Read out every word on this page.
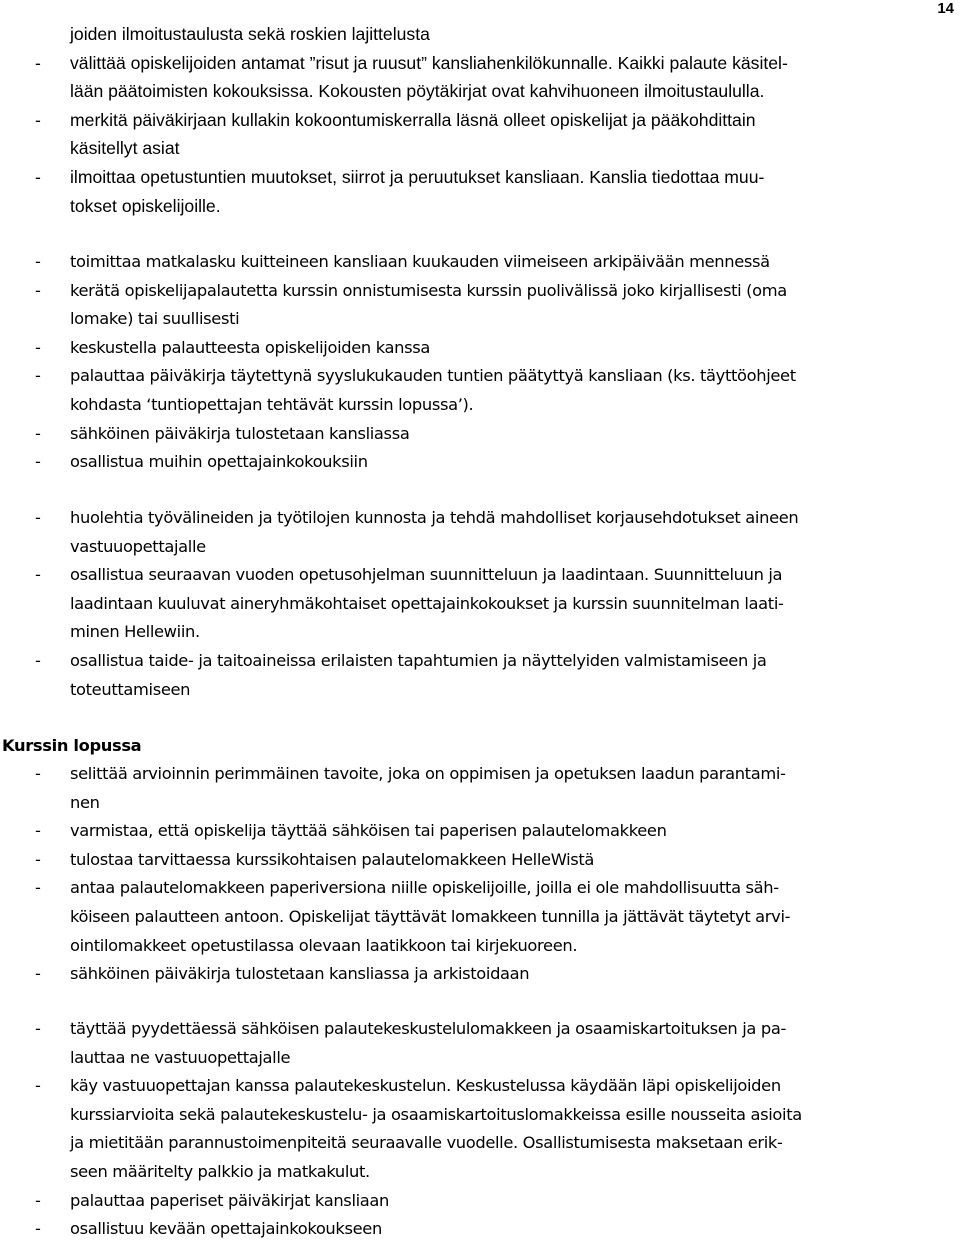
14
joiden ilmoitustaulusta sekä roskien lajittelusta
- välittää opiskelijoiden antamat ”risut ja ruusut” kansliahenkilökunnalle. Kaikki palaute käsitel-
lään päätoimisten kokouksissa. Kokousten pöytäkirjat ovat kahvihuoneen ilmoitustaululla.
- merkitä päiväkirjaan kullakin kokoontumiskerralla läsnä olleet opiskelijat ja pääkohdittain
käsitellyt asiat
- ilmoittaa opetustuntien muutokset, siirrot ja peruutukset kansliaan. Kanslia tiedottaa muu-
tokset opiskelijoille.
- toimittaa matkalasku kuitteineen kansliaan kuukauden viimeiseen arkipäivään mennessä
- kerätä opiskelijapalautetta kurssin onnistumisesta kurssin puolivälissä joko kirjallisesti (oma
lomake) tai suullisesti
- keskustella palautteesta opiskelijoiden kanssa
- palauttaa päiväkirja täytettynä syyslukukauden tuntien päätyttyä kansliaan (ks. täyttöohjeet
kohdasta ‘tuntiopettajan tehtävät kurssin lopussa’).
- sähköinen päiväkirja tulostetaan kansliassa
- osallistua muihin opettajainkokouksiin
- huolehtia työvälineiden ja työtilojen kunnosta ja tehdä mahdolliset korjausehdotukset aineen
vastuuopettajalle
- osallistua seuraavan vuoden opetusohjelman suunnitteluun ja laadintaan. Suunnitteluun ja
laadintaan kuuluvat aineryhmäkohtaiset opettajainkokoukset ja kurssin suunnitelman laati-
minen Hellewiin.
- osallistua taide- ja taitoaineissa erilaisten tapahtumien ja näyttelyiden valmistamiseen ja
toteuttamiseen
Kurssin lopussa
- selittää arvioinnin perimmäinen tavoite, joka on oppimisen ja opetuksen laadun parantami-
nen
- varmistaa, että opiskelija täyttää sähköisen tai paperisen palautelomakkeen
- tulostaa tarvittaessa kurssikohtaisen palautelomakkeen HelleWistä
- antaa palautelomakkeen paperiversiona niille opiskelijoille, joilla ei ole mahdollisuutta säh-
köiseen palautteen antoon. Opiskelijat täyttävät lomakkeen tunnilla ja jättävät täytetyt arvi-
ointilomakkeet opetustilassa olevaan laatikkoon tai kirjekuoreen.
- sähköinen päiväkirja tulostetaan kansliassa ja arkistoidaan
- täyttää pyydettäessä sähköisen palautekeskustelulomakkeen ja osaamiskartoituksen ja pa-
lauttaa ne vastuuopettajalle
- käy vastuuopettajan kanssa palautekeskustelun. Keskustelussa käydään läpi opiskelijoiden
kurssiarvioita sekä palautekeskustelu- ja osaamiskartoituslomakkeissa esille nousseita asioita
ja mietitään parannustoimenpiteitä seuraavalle vuodelle. Osallistumisesta maksetaan erik-
seen määritelty palkkio ja matkakulut.
- palauttaa paperiset päiväkirjat kansliaan
- osallistuu kevään opettajainkokoukseen
